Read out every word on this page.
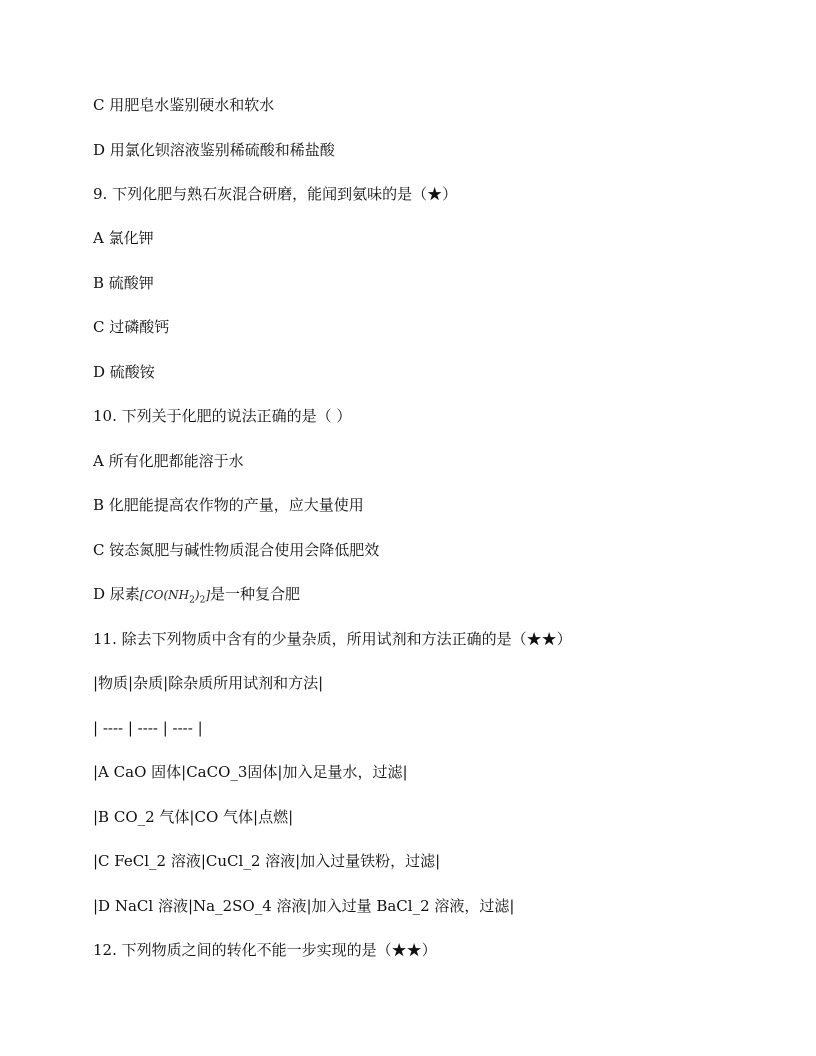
C 用肥皂水鉴别硬水和软水
D 用氯化钡溶液鉴别稀硫酸和稀盐酸
9. 下列化肥与熟石灰混合研磨，能闻到氨味的是（★）
A 氯化钾
B 硫酸钾
C 过磷酸钙
D 硫酸铵
10. 下列关于化肥的说法正确的是（ ）
A 所有化肥都能溶于水
B 化肥能提高农作物的产量，应大量使用
C 铵态氮肥与碱性物质混合使用会降低肥效
D 尿素$[CO(NH_2)_2]$是一种复合肥
11. 除去下列物质中含有的少量杂质，所用试剂和方法正确的是（★★）
|物质|杂质|除杂质所用试剂和方法|
| ---- | ---- | ---- |
|A CaO 固体|CaCO_3固体|加入足量水，过滤|
|B CO_2 气体|CO 气体|点燃|
|C FeCl_2 溶液|CuCl_2 溶液|加入过量铁粉，过滤|
|D NaCl 溶液|Na_2SO_4 溶液|加入过量 BaCl_2 溶液，过滤|
12. 下列物质之间的转化不能一步实现的是（★★）
